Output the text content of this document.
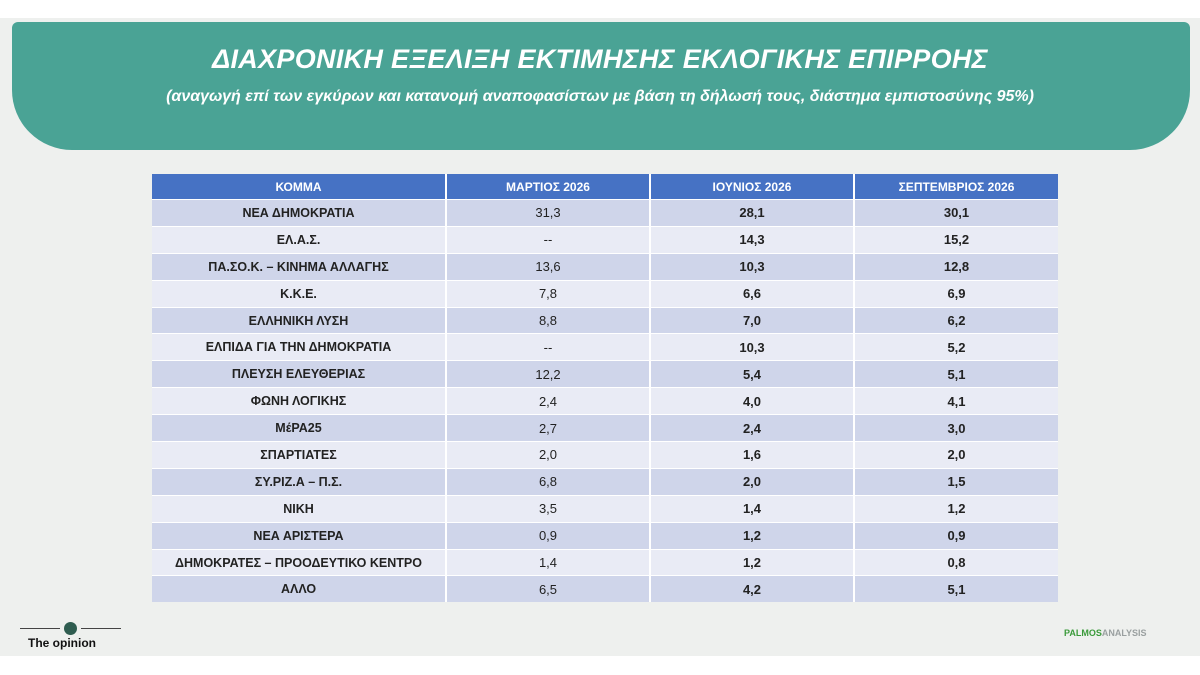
ΔΙΑΧΡΟΝΙΚΗ ΕΞΕΛΙΞΗ ΕΚΤΙΜΗΣΗΣ ΕΚΛΟΓΙΚΗΣ ΕΠΙΡΡΟΗΣ
(αναγωγή επί των εγκύρων και κατανομή αναποφασίστων με βάση τη δήλωσή τους, διάστημα εμπιστοσύνης 95%)
ΚΟΜΜΑ	ΜΑΡΤΙΟΣ 2026	ΙΟΥΝΙΟΣ 2026	ΣΕΠΤΕΜΒΡΙΟΣ 2026
ΝΕΑ ΔΗΜΟΚΡΑΤΙΑ	31,3	28,1	30,1
ΕΛ.Α.Σ.	--	14,3	15,2
ΠΑ.ΣΟ.Κ. – ΚΙΝΗΜΑ ΑΛΛΑΓΗΣ	13,6	10,3	12,8
Κ.Κ.Ε.	7,8	6,6	6,9
ΕΛΛΗΝΙΚΗ ΛΥΣΗ	8,8	7,0	6,2
ΕΛΠΙΔΑ ΓΙΑ ΤΗΝ ΔΗΜΟΚΡΑΤΙΑ	--	10,3	5,2
ΠΛΕΥΣΗ ΕΛΕΥΘΕΡΙΑΣ	12,2	5,4	5,1
ΦΩΝΗ ΛΟΓΙΚΗΣ	2,4	4,0	4,1
ΜέΡΑ25	2,7	2,4	3,0
ΣΠΑΡΤΙΑΤΕΣ	2,0	1,6	2,0
ΣΥ.ΡΙΖ.Α – Π.Σ.	6,8	2,0	1,5
ΝΙΚΗ	3,5	1,4	1,2
ΝΕΑ ΑΡΙΣΤΕΡΑ	0,9	1,2	0,9
ΔΗΜΟΚΡΑΤΕΣ – ΠΡΟΟΔΕΥΤΙΚΟ ΚΕΝΤΡΟ	1,4	1,2	0,8
ΑΛΛΟ	6,5	4,2	5,1
The opinion
PALMOSANALYSIS
